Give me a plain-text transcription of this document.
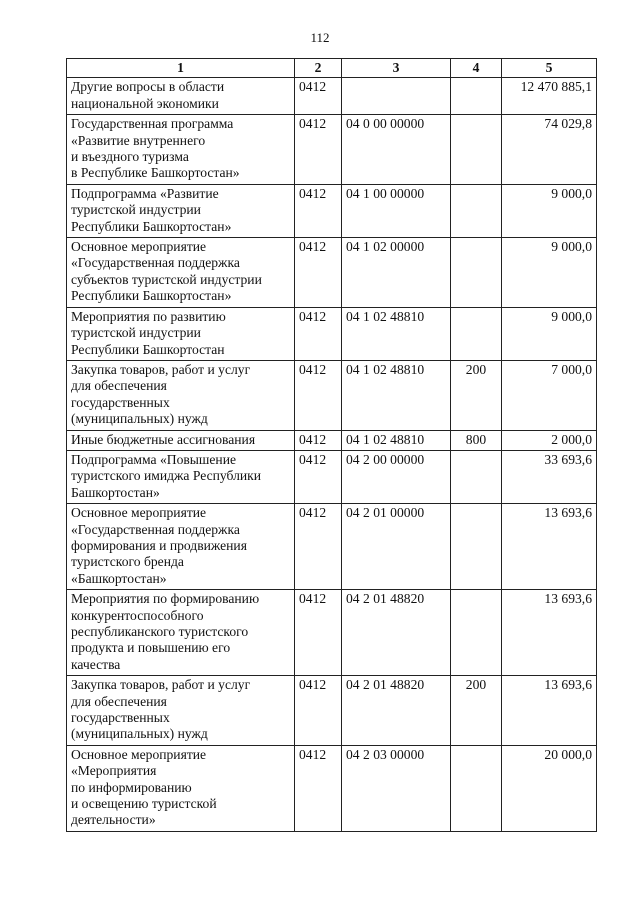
112
1	2	3	4	5
Другие вопросы в области
национальной экономики	0412			12 470 885,1
Государственная программа
«Развитие внутреннего
и въездного туризма
в Республике Башкортостан»	0412	04 0 00 00000		74 029,8
Подпрограмма «Развитие
туристской индустрии
Республики Башкортостан»	0412	04 1 00 00000		9 000,0
Основное мероприятие
«Государственная поддержка
субъектов туристской индустрии
Республики Башкортостан»	0412	04 1 02 00000		9 000,0
Мероприятия по развитию
туристской индустрии
Республики Башкортостан	0412	04 1 02 48810		9 000,0
Закупка товаров, работ и услуг
для обеспечения
государственных
(муниципальных) нужд	0412	04 1 02 48810	200	7 000,0
Иные бюджетные ассигнования	0412	04 1 02 48810	800	2 000,0
Подпрограмма «Повышение
туристского имиджа Республики
Башкортостан»	0412	04 2 00 00000		33 693,6
Основное мероприятие
«Государственная поддержка
формирования и продвижения
туристского бренда
«Башкортостан»	0412	04 2 01 00000		13 693,6
Мероприятия по формированию
конкурентоспособного
республиканского туристского
продукта и повышению его
качества	0412	04 2 01 48820		13 693,6
Закупка товаров, работ и услуг
для обеспечения
государственных
(муниципальных) нужд	0412	04 2 01 48820	200	13 693,6
Основное мероприятие
«Мероприятия
по информированию
и освещению туристской
деятельности»	0412	04 2 03 00000		20 000,0
